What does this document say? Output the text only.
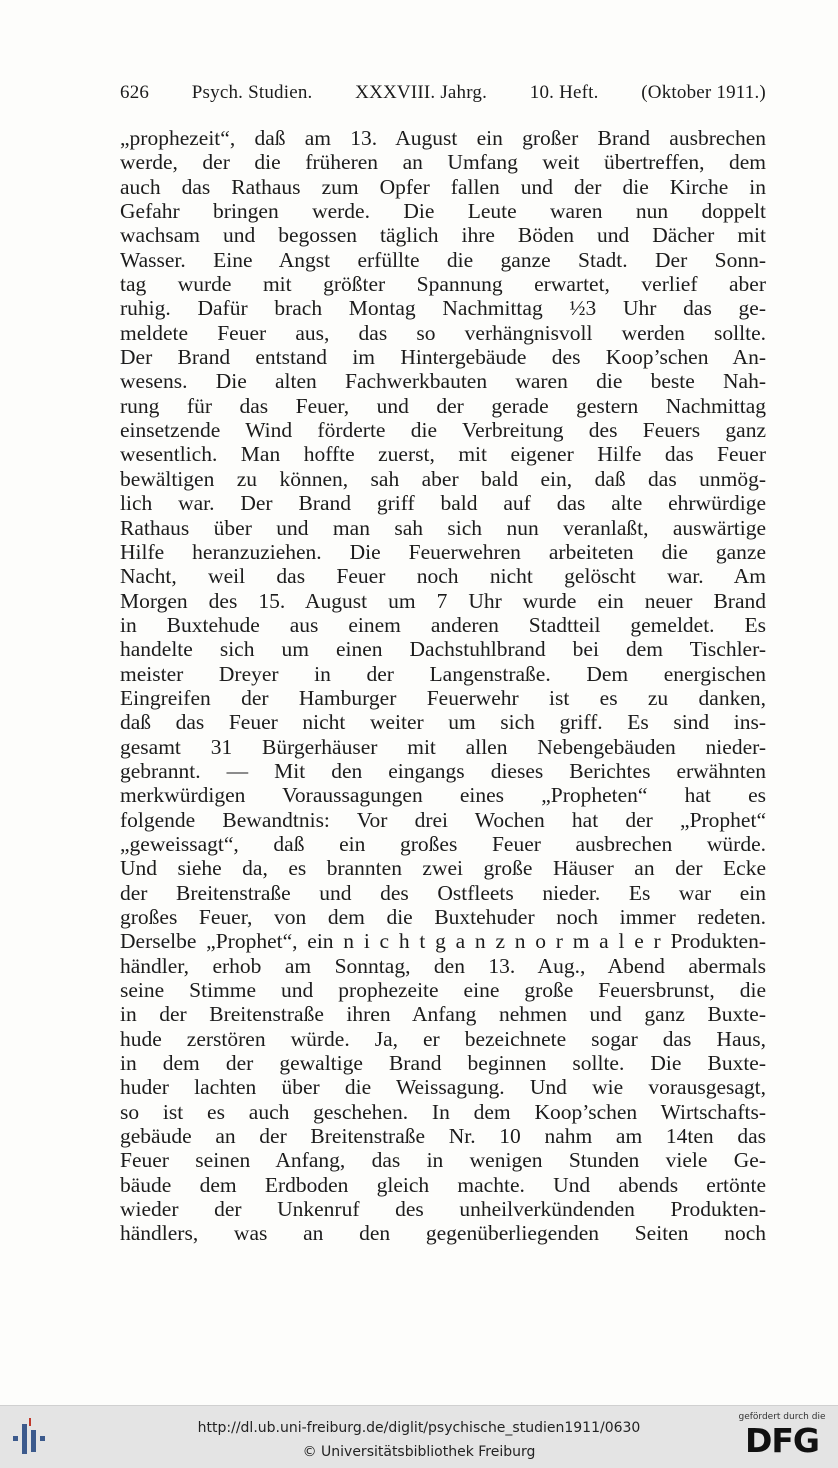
626 Psych. Studien. XXXVIII. Jahrg. 10. Heft. (Oktober 1911.)
„prophezeit“, daß am 13. August ein großer Brand ausbrechen
werde, der die früheren an Umfang weit übertreffen, dem
auch das Rathaus zum Opfer fallen und der die Kirche in
Gefahr bringen werde. Die Leute waren nun doppelt
wachsam und begossen täglich ihre Böden und Dächer mit
Wasser. Eine Angst erfüllte die ganze Stadt. Der Sonn-
tag wurde mit größter Spannung erwartet, verlief aber
ruhig. Dafür brach Montag Nachmittag ½3 Uhr das ge-
meldete Feuer aus, das so verhängnisvoll werden sollte.
Der Brand entstand im Hintergebäude des Koop’schen An-
wesens. Die alten Fachwerkbauten waren die beste Nah-
rung für das Feuer, und der gerade gestern Nachmittag
einsetzende Wind förderte die Verbreitung des Feuers ganz
wesentlich. Man hoffte zuerst, mit eigener Hilfe das Feuer
bewältigen zu können, sah aber bald ein, daß das unmög-
lich war. Der Brand griff bald auf das alte ehrwürdige
Rathaus über und man sah sich nun veranlaßt, auswärtige
Hilfe heranzuziehen. Die Feuerwehren arbeiteten die ganze
Nacht, weil das Feuer noch nicht gelöscht war. Am
Morgen des 15. August um 7 Uhr wurde ein neuer Brand
in Buxtehude aus einem anderen Stadtteil gemeldet. Es
handelte sich um einen Dachstuhlbrand bei dem Tischler-
meister Dreyer in der Langenstraße. Dem energischen
Eingreifen der Hamburger Feuerwehr ist es zu danken,
daß das Feuer nicht weiter um sich griff. Es sind ins-
gesamt 31 Bürgerhäuser mit allen Nebengebäuden nieder-
gebrannt. — Mit den eingangs dieses Berichtes erwähnten
merkwürdigen Voraussagungen eines „Propheten“ hat es
folgende Bewandtnis: Vor drei Wochen hat der „Prophet“
„geweissagt“, daß ein großes Feuer ausbrechen würde.
Und siehe da, es brannten zwei große Häuser an der Ecke
der Breitenstraße und des Ostfleets nieder. Es war ein
großes Feuer, von dem die Buxtehuder noch immer redeten.
Derselbe „Prophet“, ein n i c h t g a n z n o r m a l e r Produkten-
händler, erhob am Sonntag, den 13. Aug., Abend abermals
seine Stimme und prophezeite eine große Feuersbrunst, die
in der Breitenstraße ihren Anfang nehmen und ganz Buxte-
hude zerstören würde. Ja, er bezeichnete sogar das Haus,
in dem der gewaltige Brand beginnen sollte. Die Buxte-
huder lachten über die Weissagung. Und wie vorausgesagt,
so ist es auch geschehen. In dem Koop’schen Wirtschafts-
gebäude an der Breitenstraße Nr. 10 nahm am 14ten das
Feuer seinen Anfang, das in wenigen Stunden viele Ge-
bäude dem Erdboden gleich machte. Und abends ertönte
wieder der Unkenruf des unheilverkündenden Produkten-
händlers, was an den gegenüberliegenden Seiten noch
http://dl.ub.uni-freiburg.de/diglit/psychische_studien1911/0630
© Universitätsbibliothek Freiburg
gefördert durch die
DFG
